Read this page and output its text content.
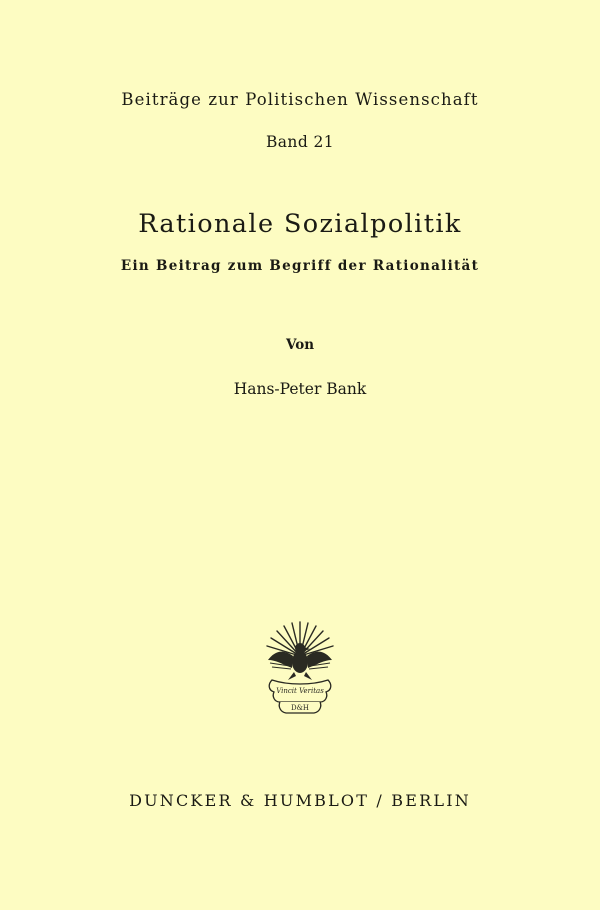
Beiträge zur Politischen Wissenschaft
Band 21
Rationale Sozialpolitik
Ein Beitrag zum Begriff der Rationalität
Von
Hans-Peter Bank
Vincit Veritas
D&H
DUNCKER & HUMBLOT / BERLIN
